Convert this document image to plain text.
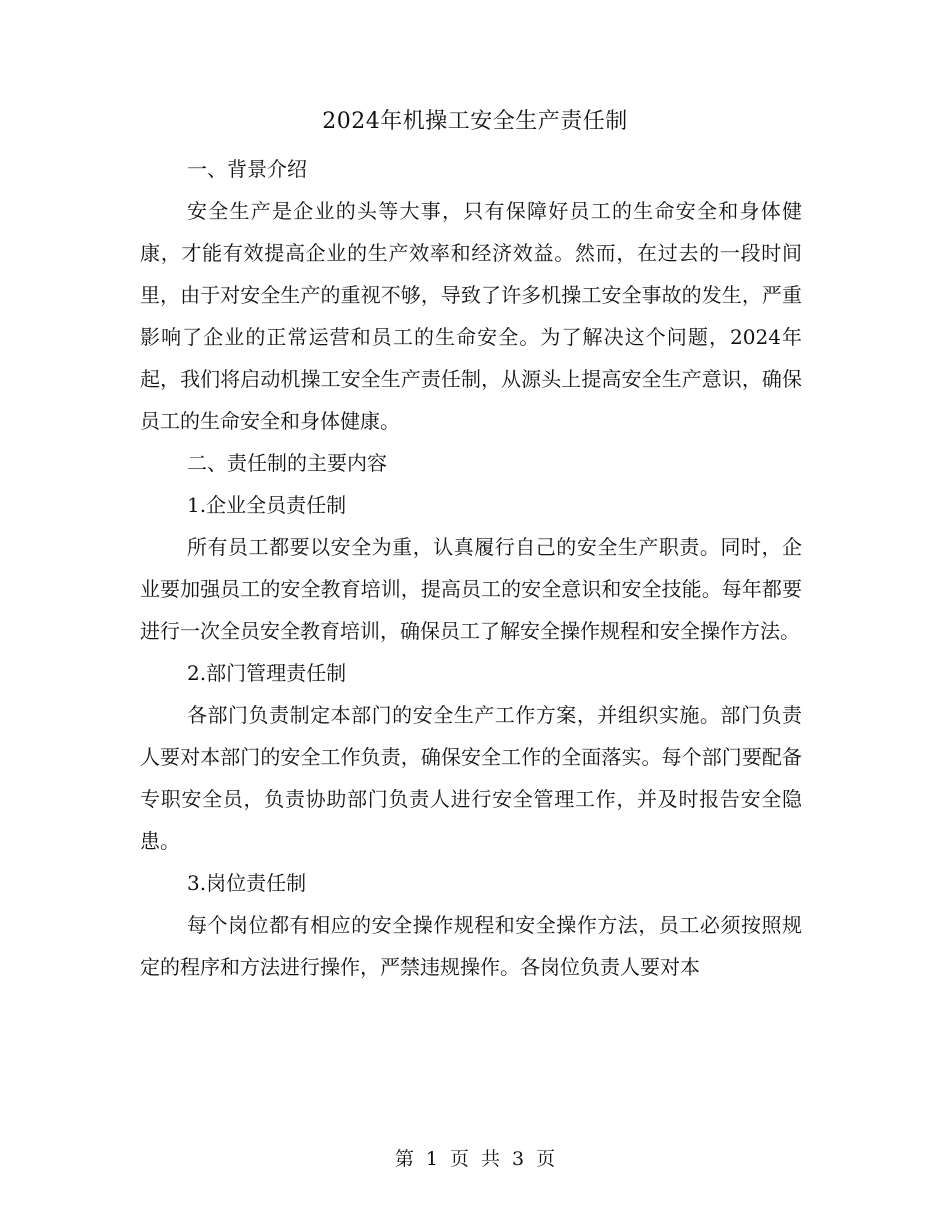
2024年机操工安全生产责任制

一、背景介绍

安全生产是企业的头等大事，只有保障好员工的生命安全和身体健康，才能有效提高企业的生产效率和经济效益。然而，在过去的一段时间里，由于对安全生产的重视不够，导致了许多机操工安全事故的发生，严重影响了企业的正常运营和员工的生命安全。为了解决这个问题，2024年起，我们将启动机操工安全生产责任制，从源头上提高安全生产意识，确保员工的生命安全和身体健康。

二、责任制的主要内容

1.企业全员责任制

所有员工都要以安全为重，认真履行自己的安全生产职责。同时，企业要加强员工的安全教育培训，提高员工的安全意识和安全技能。每年都要进行一次全员安全教育培训，确保员工了解安全操作规程和安全操作方法。

2.部门管理责任制

各部门负责制定本部门的安全生产工作方案，并组织实施。部门负责人要对本部门的安全工作负责，确保安全工作的全面落实。每个部门要配备专职安全员，负责协助部门负责人进行安全管理工作，并及时报告安全隐患。

3.岗位责任制

每个岗位都有相应的安全操作规程和安全操作方法，员工必须按照规定的程序和方法进行操作，严禁违规操作。各岗位负责人要对本

第 1 页 共 3 页
